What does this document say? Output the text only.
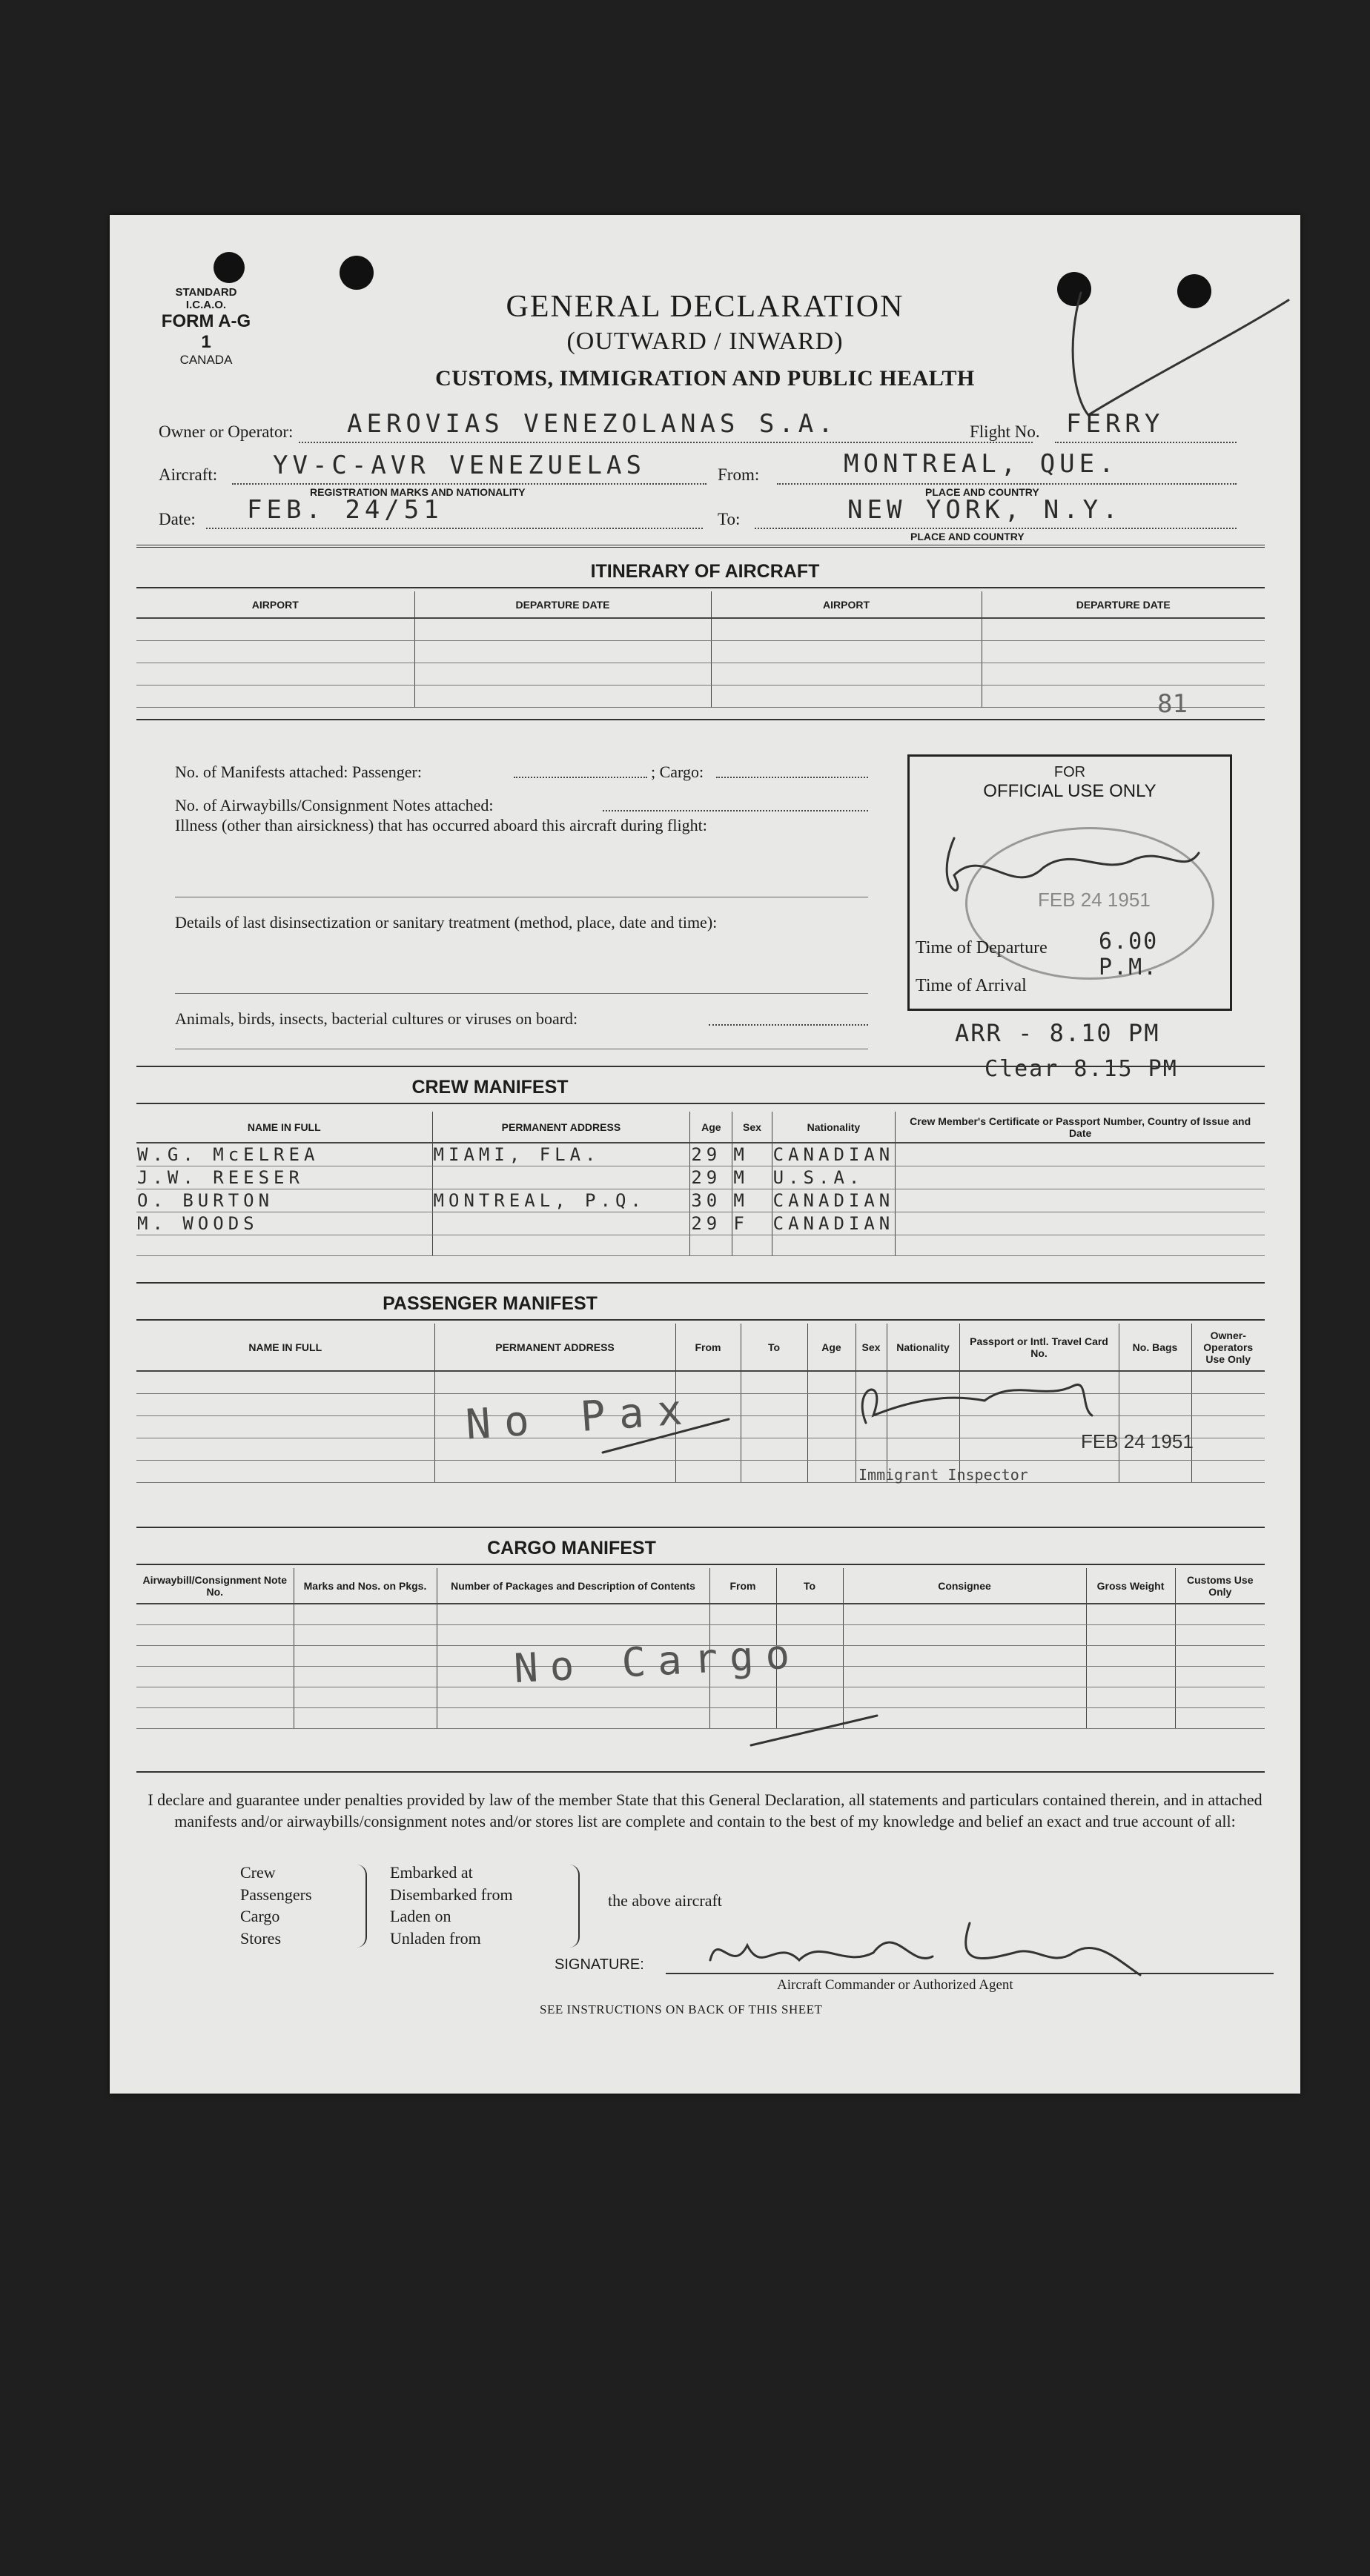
STANDARD I.C.A.O.
FORM A-G 1
CANADA
GENERAL DECLARATION
(OUTWARD / INWARD)
CUSTOMS, IMMIGRATION AND PUBLIC HEALTH
Owner or Operator: AEROVIAS VENEZOLANAS S.A.	Flight No. FERRY
Aircraft: YV-C-AVR VENEZUELAS
REGISTRATION MARKS AND NATIONALITY
From:	MONTREAL, QUE.
PLACE AND COUNTRY
Date: FEB. 24/51	To:	NEW YORK, N.Y.
PLACE AND COUNTRY
ITINERARY OF AIRCRAFT
AIRPORT	DEPARTURE DATE	AIRPORT	DEPARTURE DATE

81
No. of Manifests attached: Passenger:	; Cargo:
No. of Airwaybills/Consignment Notes attached:
Illness (other than airsickness) that has occurred aboard this aircraft during flight:
Details of last disinsectization or sanitary treatment (method, place, date and time):
Animals, birds, insects, bacterial cultures or viruses on board:
FOR
OFFICIAL USE ONLY
FEB 24 1951
Time of Departure 6.00 P.M.
Time of Arrival
ARR - 8.10 PM
Clear 8.15 PM
CREW MANIFEST
NAME IN FULL	PERMANENT ADDRESS	Age	Sex	Nationality	Crew Member's Certificate or Passport Number, Country of Issue and Date
W.G. McELREA	MIAMI, FLA.	29	M	CANADIAN	
J.W. REESER		29	M	U.S.A.	
O. BURTON	MONTREAL, P.Q.	30	M	CANADIAN	
M. WOODS		29	F	CANADIAN	

PASSENGER MANIFEST
NAME IN FULL	PERMANENT ADDRESS	From	To	Age	Sex	Nationality	Passport or Intl. Travel Card No.	No. Bags	Owner-Operators Use Only

No Pax	FEB 24 1951
Immigrant Inspector
CARGO MANIFEST
Airwaybill/Consignment Note No.	Marks and Nos. on Pkgs.	Number of Packages and Description of Contents	From	To	Consignee	Gross Weight	Customs Use Only

No Cargo
I declare and guarantee under penalties provided by law of the member State that this General Declaration, all statements and particulars contained therein, and in attached manifests and/or airwaybills/consignment notes and/or stores list are complete and contain to the best of my knowledge and belief an exact and true account of all:
Crew
Passengers
Cargo
Stores
Embarked at
Disembarked from
Laden on
Unladen from
the above aircraft
SIGNATURE:
Aircraft Commander or Authorized Agent
SEE INSTRUCTIONS ON BACK OF THIS SHEET
